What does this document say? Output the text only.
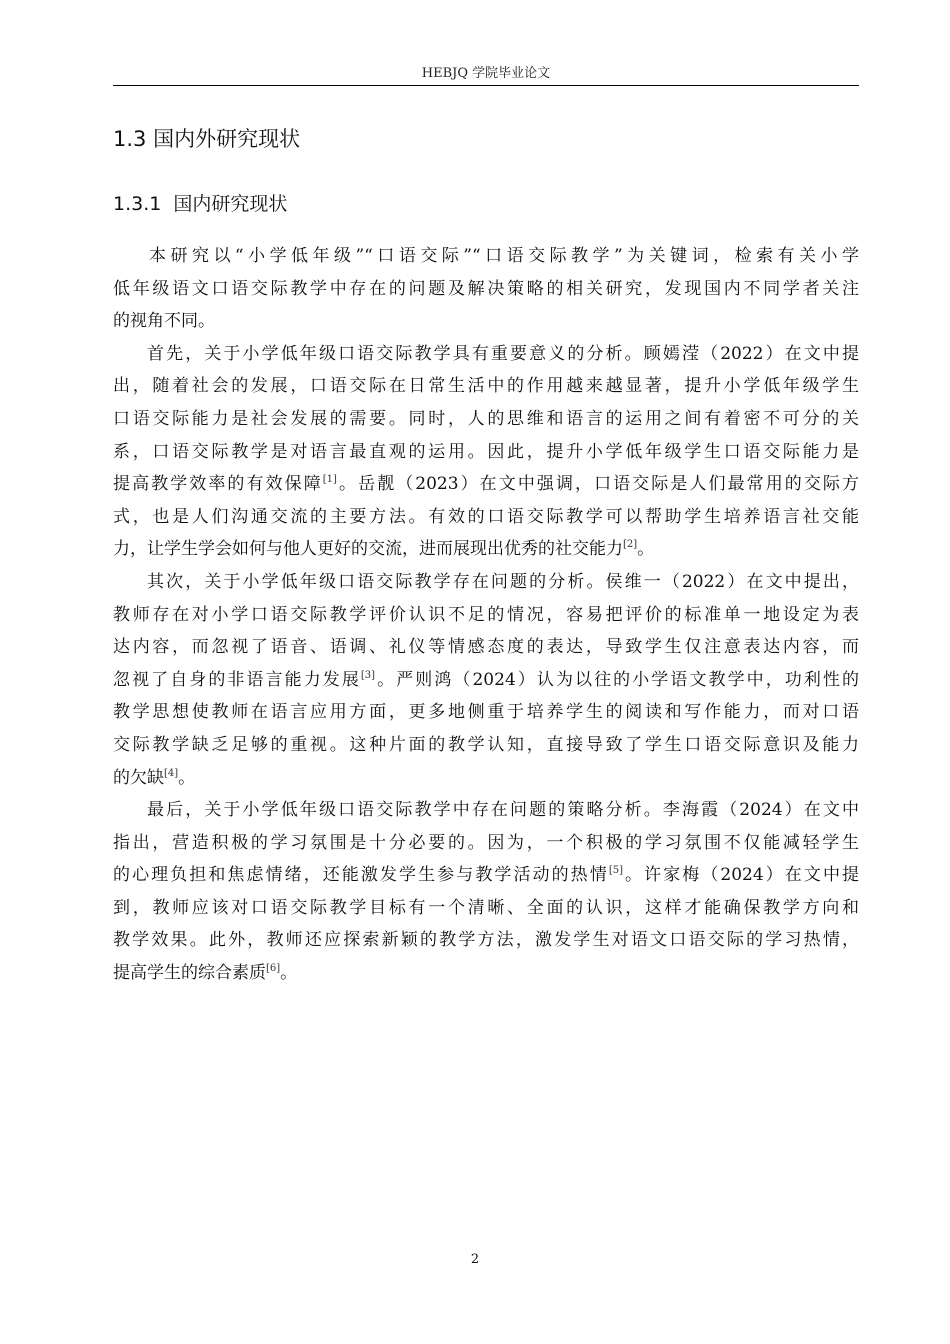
HEBJQ 学院毕业论文
1.3 国内外研究现状
1.3.1 国内研究现状
本研究以“小学低年级”“口语交际”“口语交际教学”为关键词，检索有关小学
低年级语文口语交际教学中存在的问题及解决策略的相关研究，发现国内不同学者关注
的视角不同。
首先，关于小学低年级口语交际教学具有重要意义的分析。顾嫣滢（2022）在文中提
出，随着社会的发展，口语交际在日常生活中的作用越来越显著，提升小学低年级学生
口语交际能力是社会发展的需要。同时，人的思维和语言的运用之间有着密不可分的关
系，口语交际教学是对语言最直观的运用。因此，提升小学低年级学生口语交际能力是
提高教学效率的有效保障[1]。岳靓（2023）在文中强调，口语交际是人们最常用的交际方
式，也是人们沟通交流的主要方法。有效的口语交际教学可以帮助学生培养语言社交能
力，让学生学会如何与他人更好的交流，进而展现出优秀的社交能力[2]。
其次，关于小学低年级口语交际教学存在问题的分析。侯维一（2022）在文中提出，
教师存在对小学口语交际教学评价认识不足的情况，容易把评价的标准单一地设定为表
达内容，而忽视了语音、语调、礼仪等情感态度的表达，导致学生仅注意表达内容，而
忽视了自身的非语言能力发展[3]。严则鸿（2024）认为以往的小学语文教学中，功利性的
教学思想使教师在语言应用方面，更多地侧重于培养学生的阅读和写作能力，而对口语
交际教学缺乏足够的重视。这种片面的教学认知，直接导致了学生口语交际意识及能力
的欠缺[4]。
最后，关于小学低年级口语交际教学中存在问题的策略分析。李海霞（2024）在文中
指出，营造积极的学习氛围是十分必要的。因为，一个积极的学习氛围不仅能减轻学生
的心理负担和焦虑情绪，还能激发学生参与教学活动的热情[5]。许家梅（2024）在文中提
到，教师应该对口语交际教学目标有一个清晰、全面的认识，这样才能确保教学方向和
教学效果。此外，教师还应探索新颖的教学方法，激发学生对语文口语交际的学习热情，
提高学生的综合素质[6]。
2
